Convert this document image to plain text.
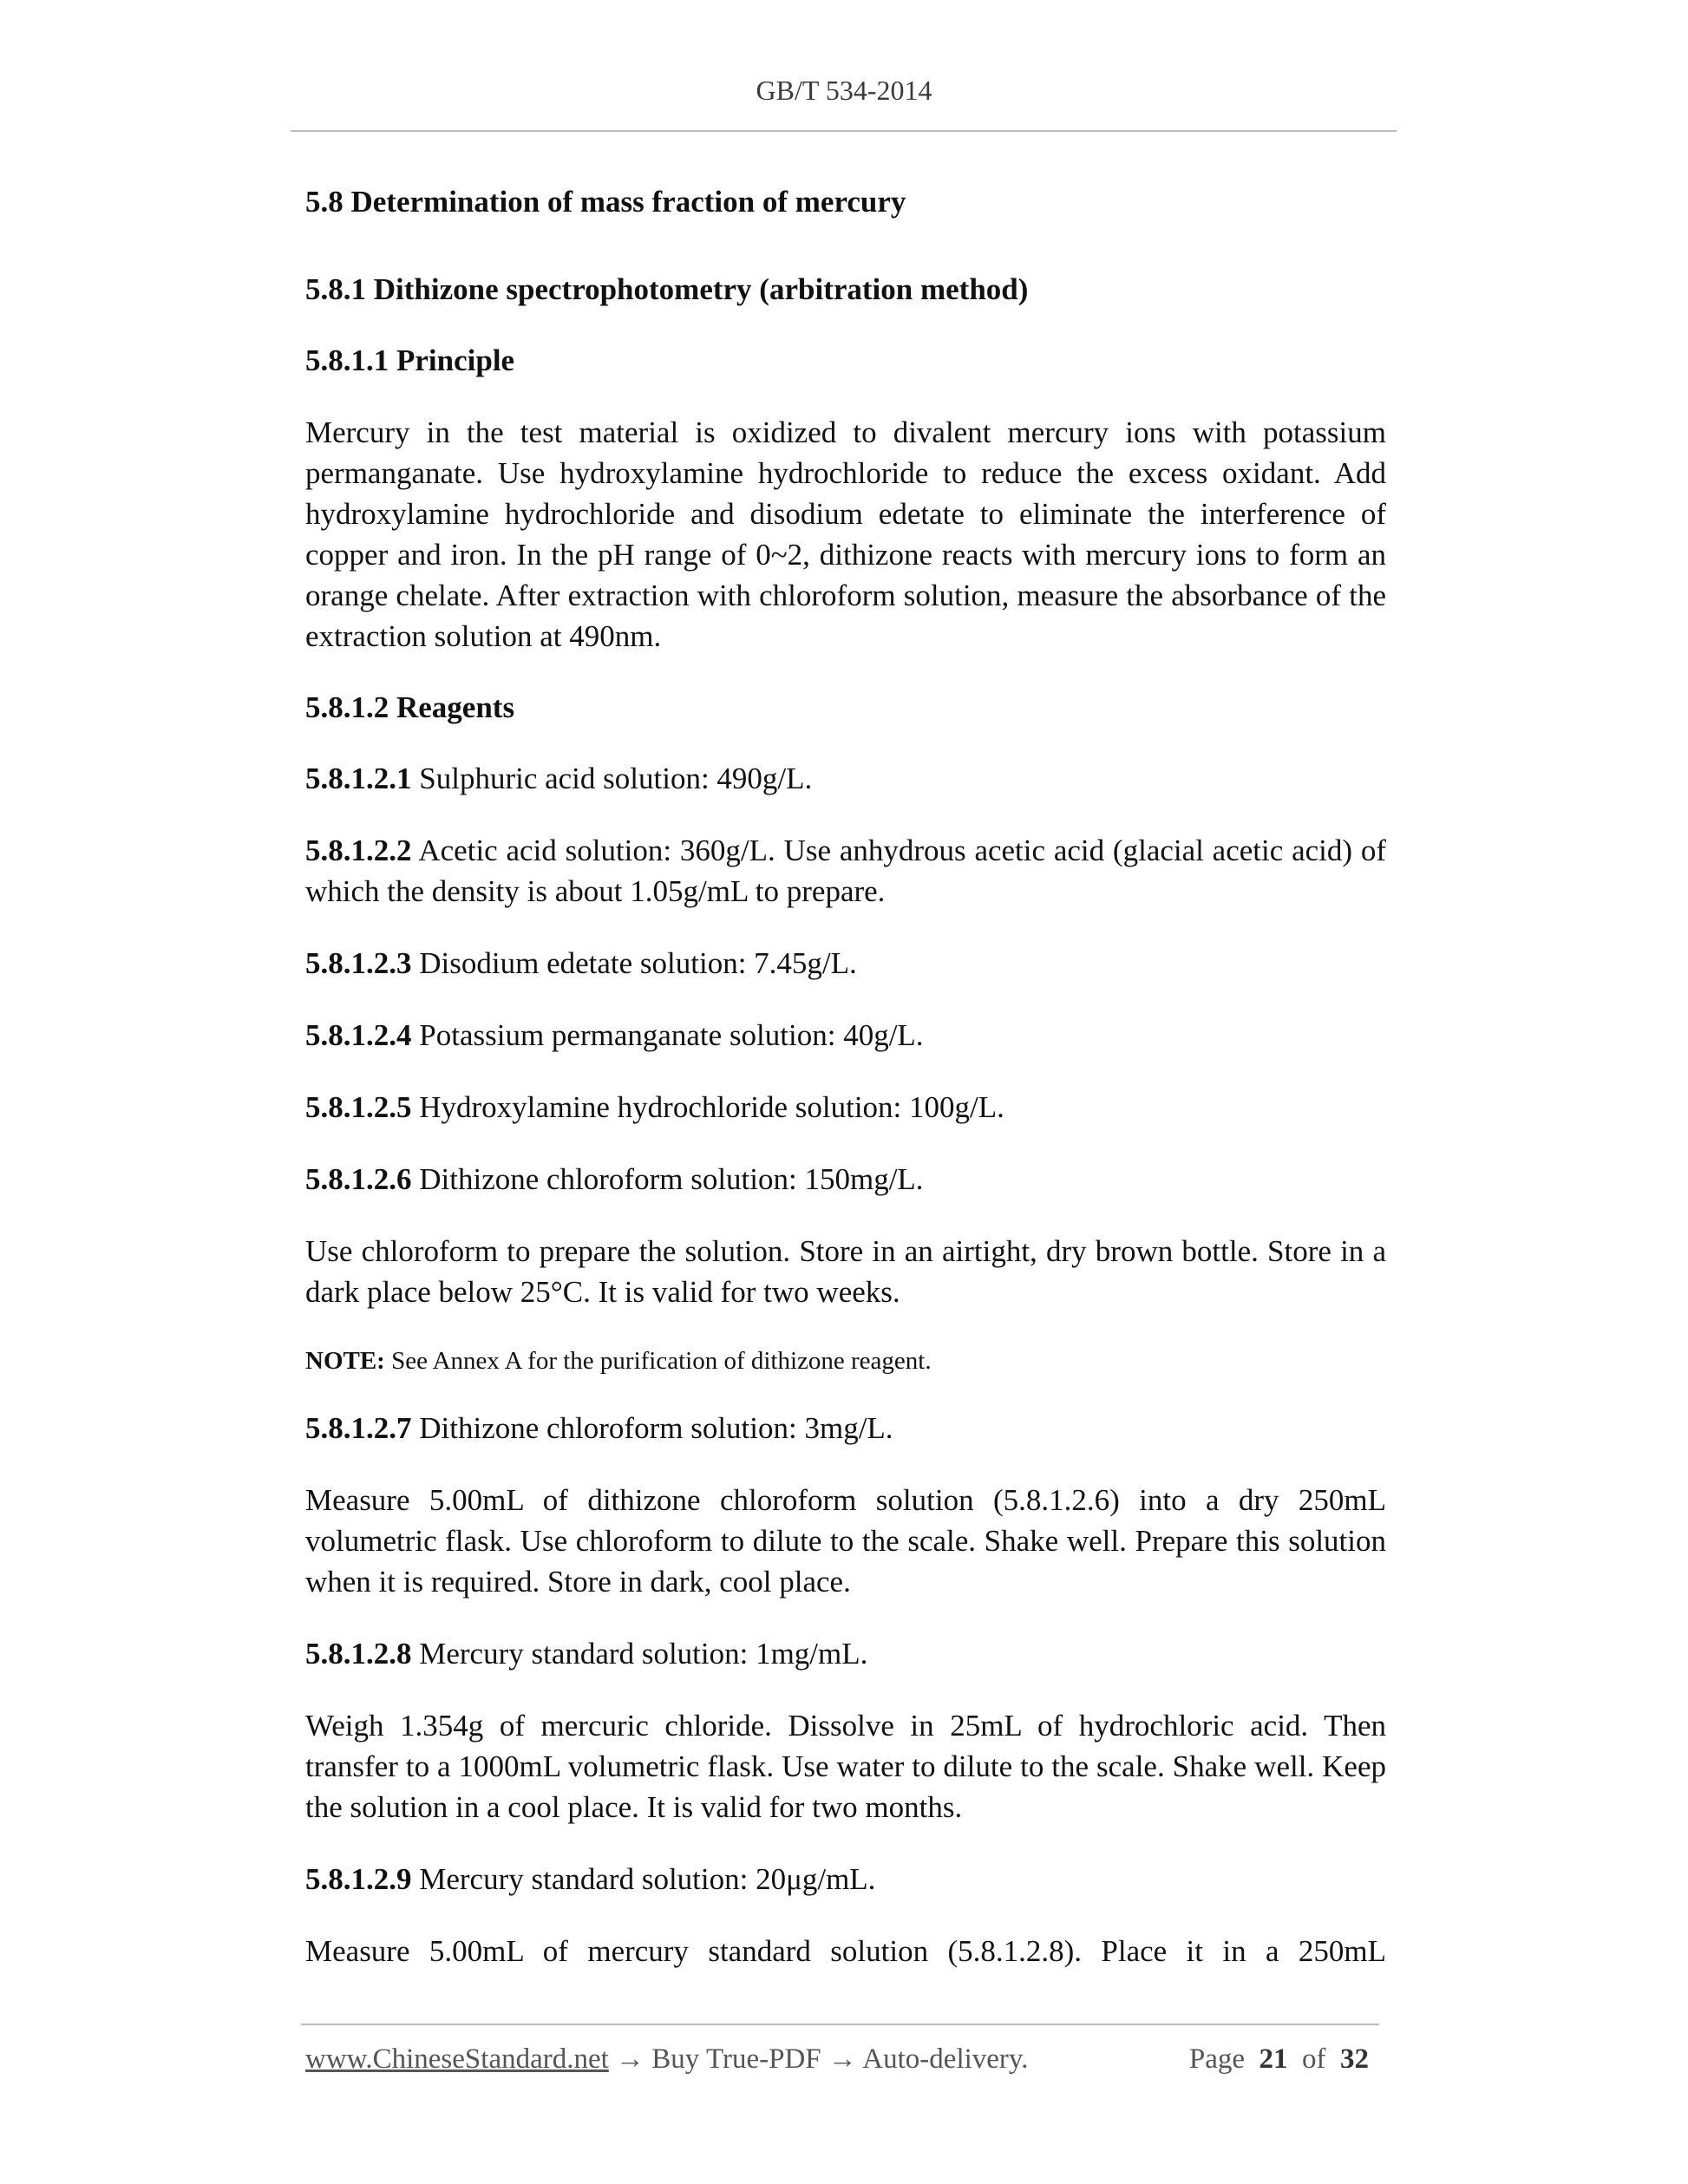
GB/T 534-2014

5.8 Determination of mass fraction of mercury

5.8.1 Dithizone spectrophotometry (arbitration method)

5.8.1.1 Principle

Mercury in the test material is oxidized to divalent mercury ions with potassium permanganate. Use hydroxylamine hydrochloride to reduce the excess oxidant. Add hydroxylamine hydrochloride and disodium edetate to eliminate the interference of copper and iron. In the pH range of 0~2, dithizone reacts with mercury ions to form an orange chelate. After extraction with chloroform solution, measure the absorbance of the extraction solution at 490nm.

5.8.1.2 Reagents

5.8.1.2.1 Sulphuric acid solution: 490g/L.

5.8.1.2.2 Acetic acid solution: 360g/L. Use anhydrous acetic acid (glacial acetic acid) of which the density is about 1.05g/mL to prepare.

5.8.1.2.3 Disodium edetate solution: 7.45g/L.

5.8.1.2.4 Potassium permanganate solution: 40g/L.

5.8.1.2.5 Hydroxylamine hydrochloride solution: 100g/L.

5.8.1.2.6 Dithizone chloroform solution: 150mg/L.

Use chloroform to prepare the solution. Store in an airtight, dry brown bottle. Store in a dark place below 25°C. It is valid for two weeks.

NOTE: See Annex A for the purification of dithizone reagent.

5.8.1.2.7 Dithizone chloroform solution: 3mg/L.

Measure 5.00mL of dithizone chloroform solution (5.8.1.2.6) into a dry 250mL volumetric flask. Use chloroform to dilute to the scale. Shake well. Prepare this solution when it is required. Store in dark, cool place.

5.8.1.2.8 Mercury standard solution: 1mg/mL.

Weigh 1.354g of mercuric chloride. Dissolve in 25mL of hydrochloric acid. Then transfer to a 1000mL volumetric flask. Use water to dilute to the scale. Shake well. Keep the solution in a cool place. It is valid for two months.

5.8.1.2.9 Mercury standard solution: 20μg/mL.

Measure 5.00mL of mercury standard solution (5.8.1.2.8). Place it in a 250mL

www.ChineseStandard.net → Buy True-PDF → Auto-delivery.	Page 21 of 32
